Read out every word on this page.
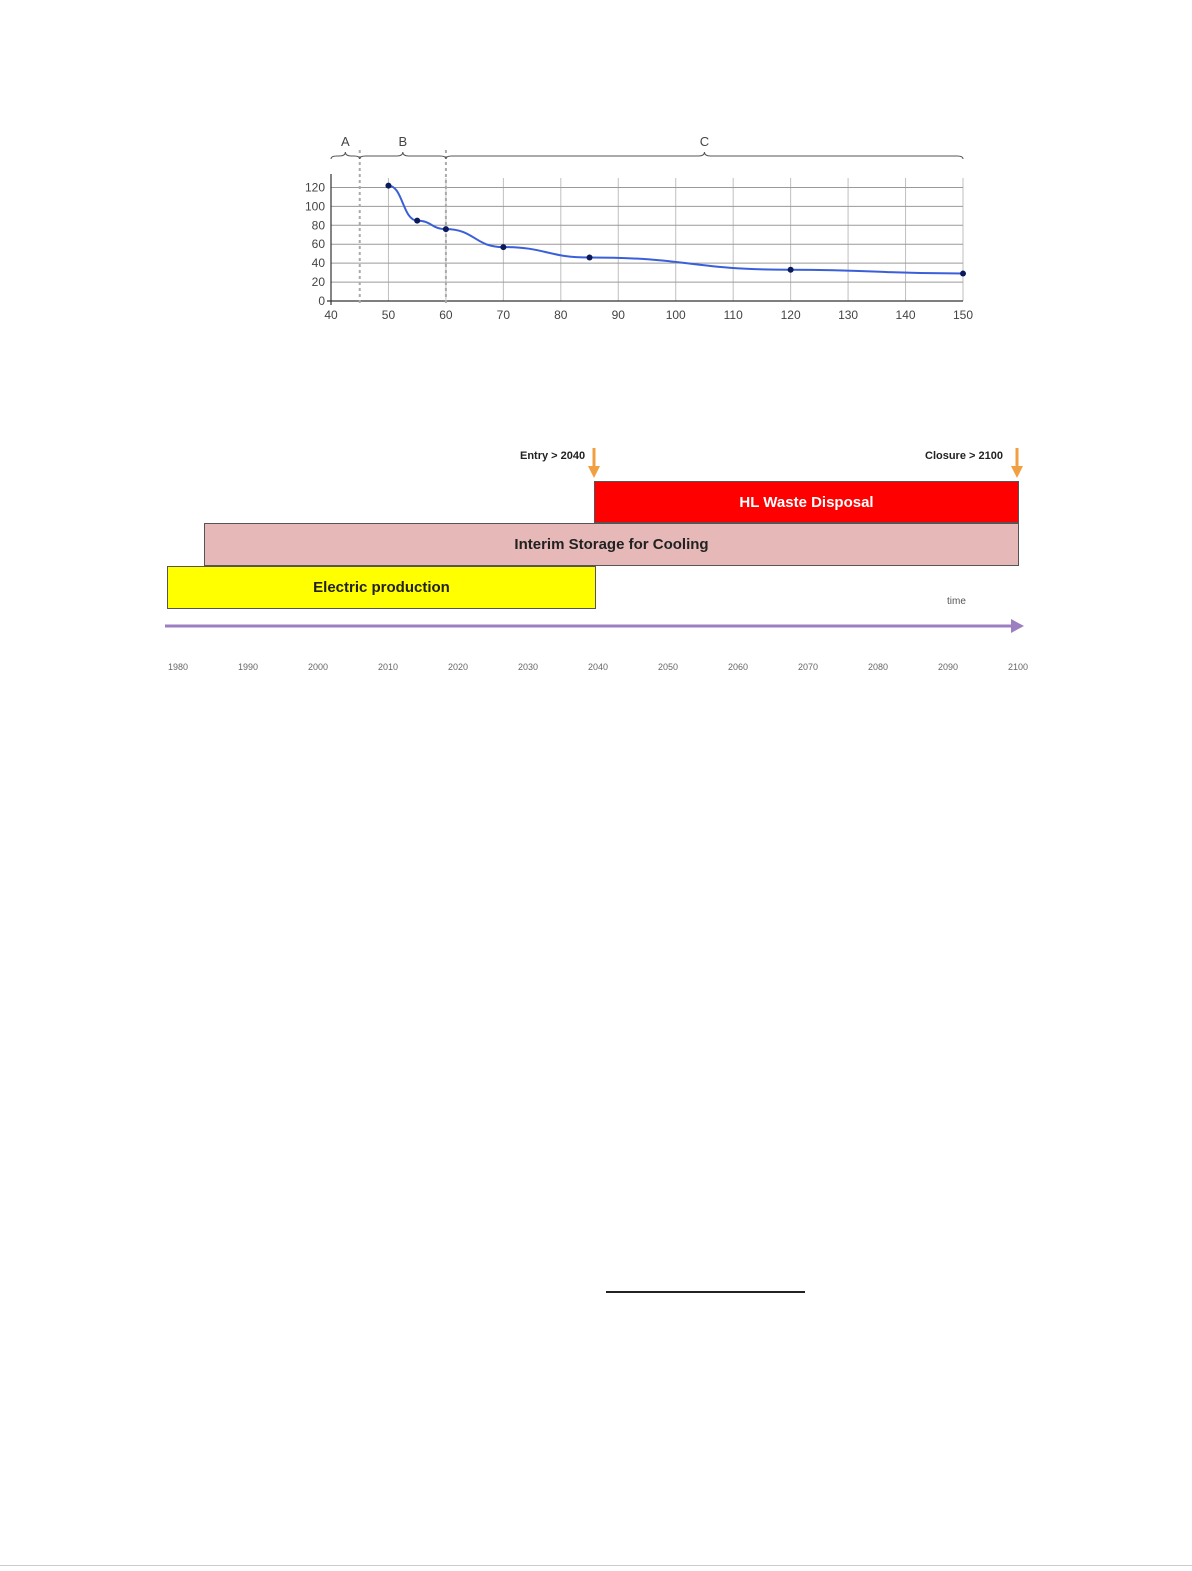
40	50	60	70	80	90	100	110	120	130	140	150
0
20
40
60
80
100
120
A	B	C
Entry > 2040	Closure > 2100
HL Waste Disposal
Interim Storage for Cooling
Electric production
time
1980	1990	2000	2010	2020	2030	2040	2050	2060	2070	2080	2090	2100
